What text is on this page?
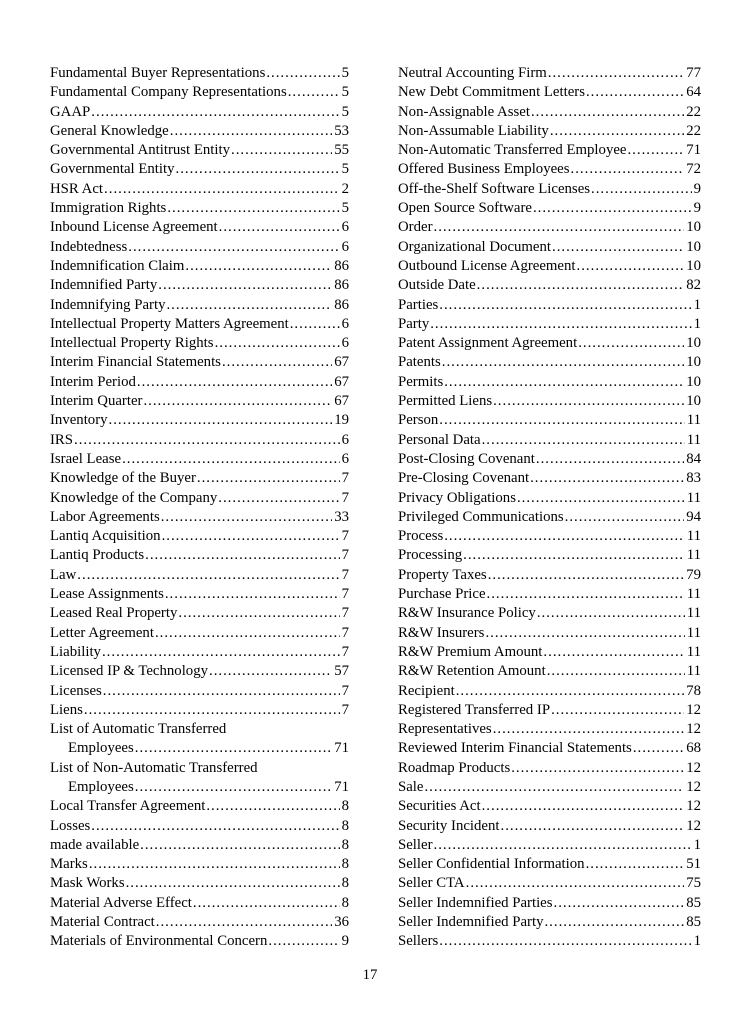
Fundamental Buyer Representations .....	5
Fundamental Company Representations .....	5
GAAP .....	5
General Knowledge .....	53
Governmental Antitrust Entity .....	55
Governmental Entity .....	5
HSR Act .....	2
Immigration Rights .....	5
Inbound License Agreement .....	6
Indebtedness .....	6
Indemnification Claim .....	86
Indemnified Party .....	86
Indemnifying Party .....	86
Intellectual Property Matters Agreement .....	6
Intellectual Property Rights .....	6
Interim Financial Statements .....	67
Interim Period .....	67
Interim Quarter .....	67
Inventory .....	19
IRS .....	6
Israel Lease .....	6
Knowledge of the Buyer .....	7
Knowledge of the Company .....	7
Labor Agreements .....	33
Lantiq Acquisition .....	7
Lantiq Products .....	7
Law .....	7
Lease Assignments .....	7
Leased Real Property .....	7
Letter Agreement .....	7
Liability .....	7
Licensed IP & Technology .....	57
Licenses .....	7
Liens .....	7
List of Automatic Transferred
Employees .....	71
List of Non-Automatic Transferred
Employees .....	71
Local Transfer Agreement .....	8
Losses .....	8
made available .....	8
Marks .....	8
Mask Works .....	8
Material Adverse Effect .....	8
Material Contract .....	36
Materials of Environmental Concern .....	9
Neutral Accounting Firm .....	77
New Debt Commitment Letters .....	64
Non-Assignable Asset .....	22
Non-Assumable Liability .....	22
Non-Automatic Transferred Employee .....	71
Offered Business Employees .....	72
Off-the-Shelf Software Licenses .....	9
Open Source Software .....	9
Order .....	10
Organizational Document .....	10
Outbound License Agreement .....	10
Outside Date .....	82
Parties .....	1
Party .....	1
Patent Assignment Agreement .....	10
Patents .....	10
Permits .....	10
Permitted Liens .....	10
Person .....	11
Personal Data .....	11
Post-Closing Covenant .....	84
Pre-Closing Covenant .....	83
Privacy Obligations .....	11
Privileged Communications .....	94
Process .....	11
Processing .....	11
Property Taxes .....	79
Purchase Price .....	11
R&W Insurance Policy .....	11
R&W Insurers .....	11
R&W Premium Amount .....	11
R&W Retention Amount .....	11
Recipient .....	78
Registered Transferred IP .....	12
Representatives .....	12
Reviewed Interim Financial Statements .....	68
Roadmap Products .....	12
Sale .....	12
Securities Act .....	12
Security Incident .....	12
Seller .....	1
Seller Confidential Information .....	51
Seller CTA .....	75
Seller Indemnified Parties .....	85
Seller Indemnified Party .....	85
Sellers .....	1
17
